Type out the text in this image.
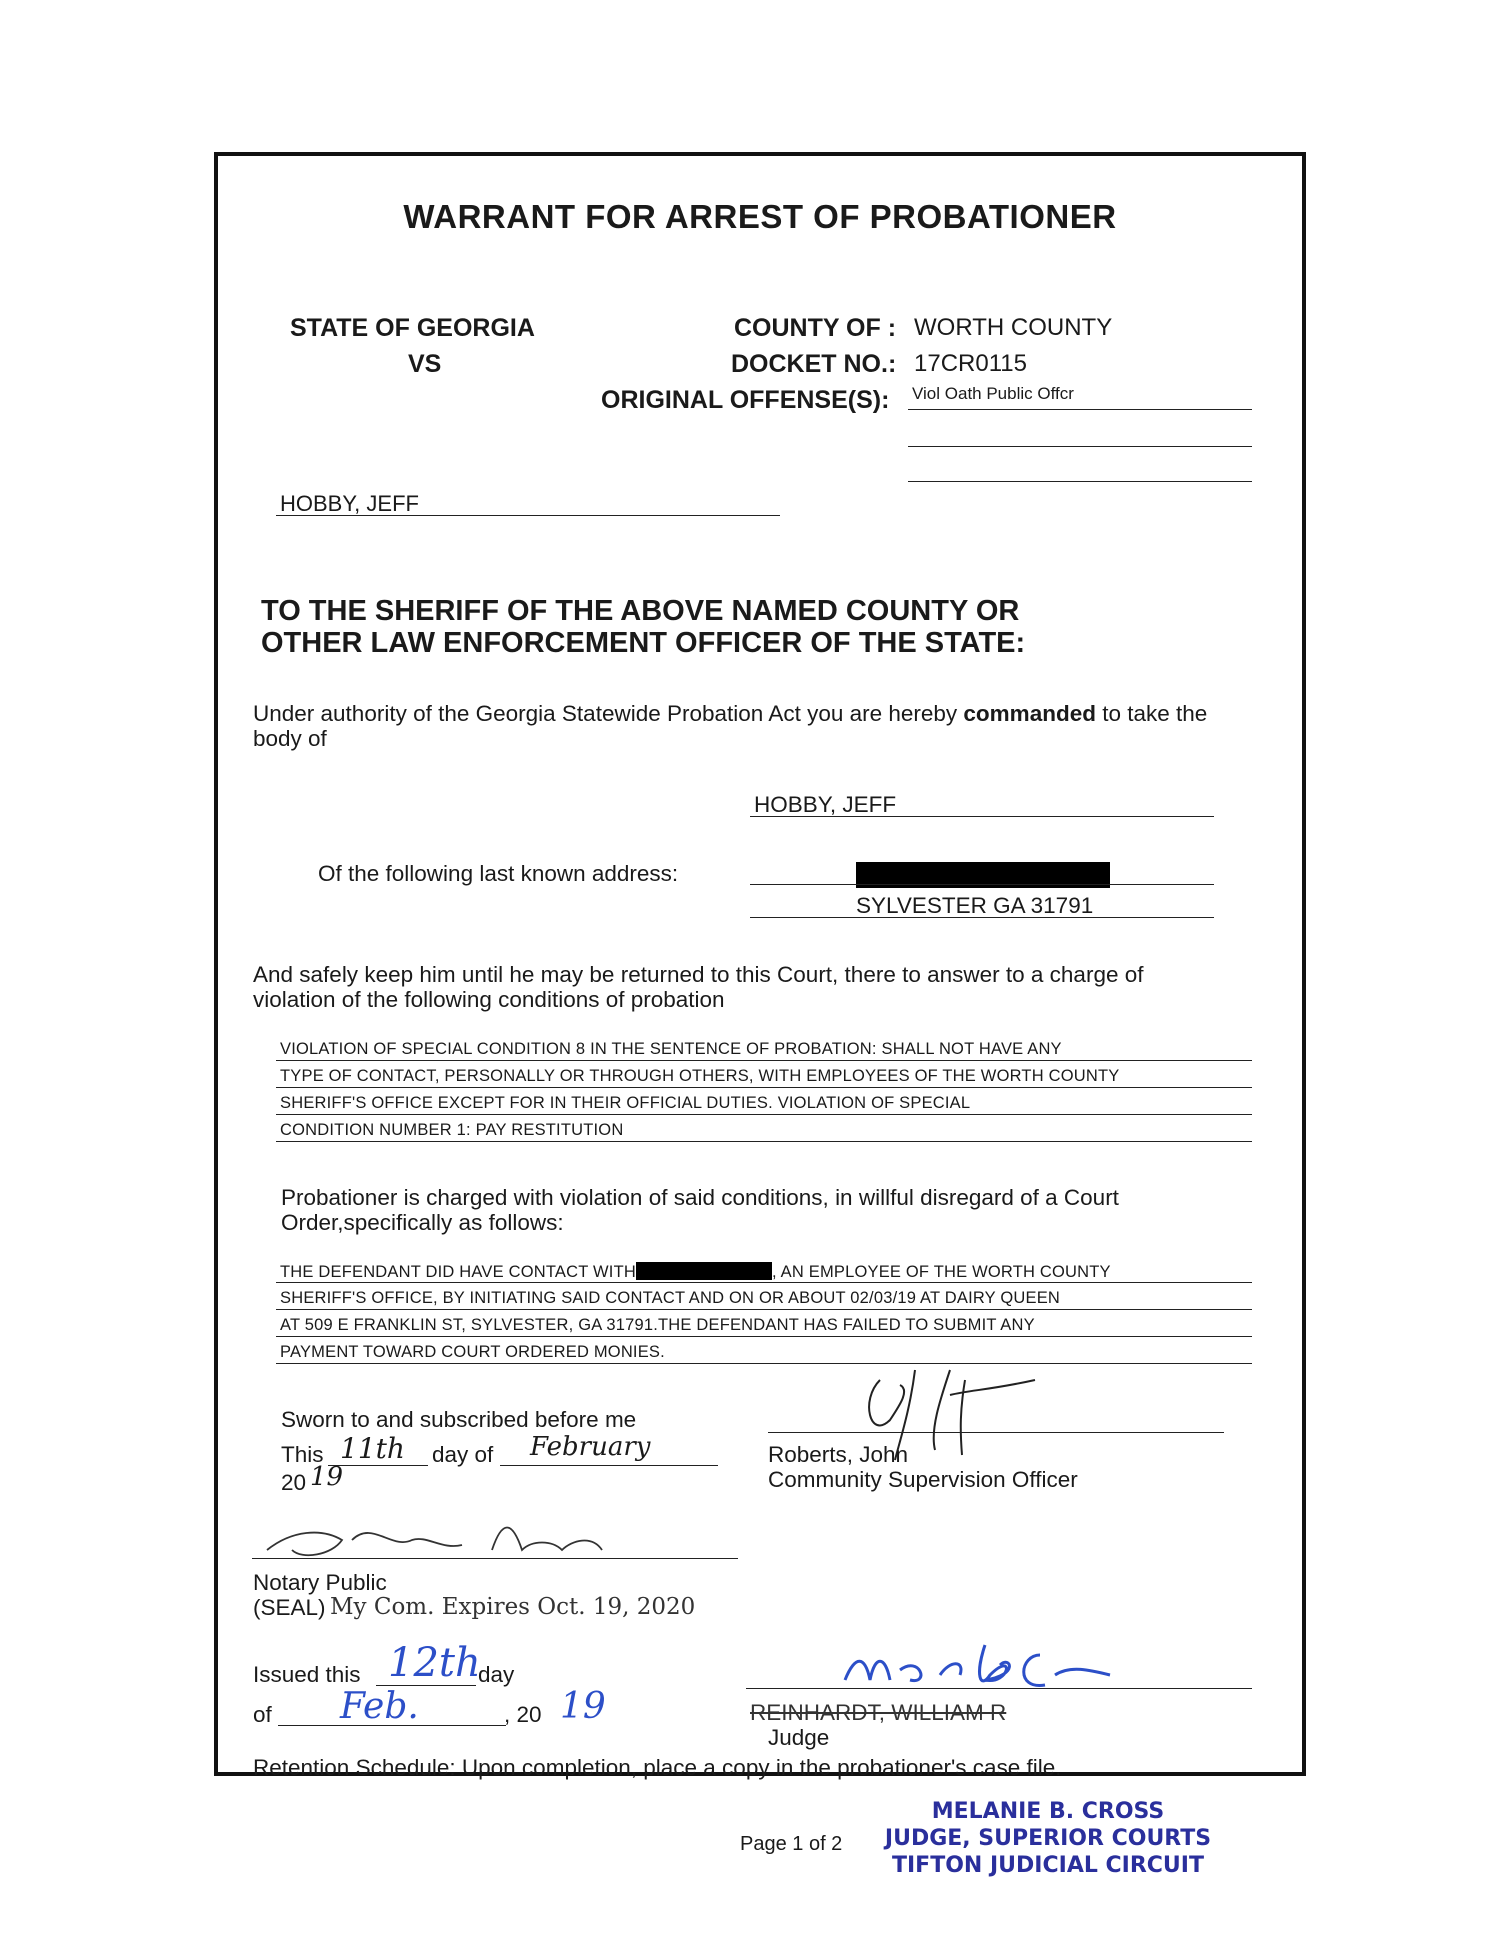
WARRANT FOR ARREST OF PROBATIONER
STATE OF GEORGIA
VS
COUNTY OF : WORTH COUNTY
DOCKET NO.: 17CR0115
ORIGINAL OFFENSE(S): Viol Oath Public Offcr
HOBBY, JEFF
TO THE SHERIFF OF THE ABOVE NAMED COUNTY OR
OTHER LAW ENFORCEMENT OFFICER OF THE STATE:
Under authority of the Georgia Statewide Probation Act you are hereby commanded to take the
body of
HOBBY, JEFF
Of the following last known address:
SYLVESTER GA 31791
And safely keep him until he may be returned to this Court, there to answer to a charge of
violation of the following conditions of probation
VIOLATION OF SPECIAL CONDITION 8 IN THE SENTENCE OF PROBATION: SHALL NOT HAVE ANY
TYPE OF CONTACT, PERSONALLY OR THROUGH OTHERS, WITH EMPLOYEES OF THE WORTH COUNTY
SHERIFF'S OFFICE EXCEPT FOR IN THEIR OFFICIAL DUTIES. VIOLATION OF SPECIAL
CONDITION NUMBER 1: PAY RESTITUTION
Probationer is charged with violation of said conditions, in willful disregard of a Court
Order,specifically as follows:
THE DEFENDANT DID HAVE CONTACT WITH	, AN EMPLOYEE OF THE WORTH COUNTY
SHERIFF'S OFFICE, BY INITIATING SAID CONTACT AND ON OR ABOUT 02/03/19 AT DAIRY QUEEN
AT 509 E FRANKLIN ST, SYLVESTER, GA 31791.THE DEFENDANT HAS FAILED TO SUBMIT ANY
PAYMENT TOWARD COURT ORDERED MONIES.
Sworn to and subscribed before me
This 11th day of February
20 19
Roberts, John
Community Supervision Officer
Notary Public
(SEAL) My Com. Expires Oct. 19, 2020
Issued this 12th
day
of Feb.	, 20 19	REINHARDT, WILLIAM R
Judge
Retention Schedule: Upon completion, place a copy in the probationer's case file.
Page 1 of 2
MELANIE B. CROSS
JUDGE, SUPERIOR COURTS
TIFTON JUDICIAL CIRCUIT
